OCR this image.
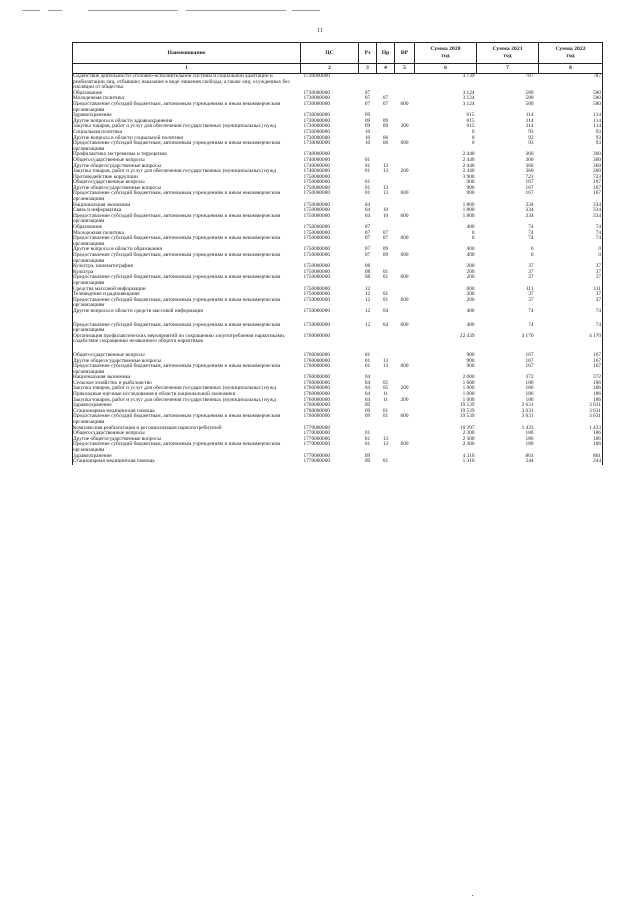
11
Наименование	ЦС	Рз	Пр	ВР	Сумма 2020 год	Сумма 2021 год	Сумма 2022 год
1	2	3	4	5	6	7	8
Содействие деятельности уголовно-исполнительной системы и социальной адаптации и реабилитации лиц, отбывших наказание в виде лишения свободы, а также лиц, осужденных без изоляции от общества	1730000000				3 739	787	787
Образование	1730000000	07			3 124	580	580
Молодежная политика	1730000000	07	07		3 124	580	580
Предоставление субсидий бюджетным, автономным учреждениям и иным некоммерческим организациям	1730000000	07	07	600	3 124	580	580
Здравоохранение	1730000000	09			615	114	114
Другие вопросы в области здравоохранения	1730000000	09	09		615	114	114
Закупка товаров, работ и услуг для обеспечения государственных (муниципальных) нужд	1730000000	09	09	200	615	114	114
Социальная политика	1730000000	10			0	93	93
Другие вопросы в области социальной политики	1730000000	10	06		0	93	93
Предоставление субсидий бюджетным, автономным учреждениям и иным некоммерческим организациям	1730000000	10	06	600	0	93	93
Профилактика экстремизма и терроризма	1740000000				2 440	360	360
Общегосударственные вопросы	1740000000	01			2 440	360	360
Другие общегосударственные вопросы	1740000000	01	13		2 440	360	360
Закупка товаров, работ и услуг для обеспечения государственных (муниципальных) нужд	1740000000	01	13	200	2 440	360	360
Противодействие коррупции	1750000000				3 900	723	723
Общегосударственные вопросы	1750000000	01			900	167	167
Другие общегосударственные вопросы	1750000000	01	13		900	167	167
Предоставление субсидий бюджетным, автономным учреждениям и иным некоммерческим организациям	1750000000	01	13	600	900	167	167
Национальная экономика	1750000000	04			1 800	334	334
Связь и информатика	1750000000	04	10		1 800	334	334
Предоставление субсидий бюджетным, автономным учреждениям и иным некоммерческим организациям	1750000000	04	10	600	1 800	334	334
Образование	1750000000	07			400	74	74
Молодежная политика	1750000000	07	07		0	74	74
Предоставление субсидий бюджетным, автономным учреждениям и иным некоммерческим организациям	1750000000	07	07	600	0	74	74
Другие вопросы в области образования	1750000000	07	09		400	0	0
Предоставление субсидий бюджетным, автономным учреждениям и иным некоммерческим организациям	1750000000	07	09	600	400	0	0
Культура, кинематография	1750000000	08			200	37	37
Культура	1750000000	08	01		200	37	37
Предоставление субсидий бюджетным, автономным учреждениям и иным некоммерческим организациям	1750000000	08	01	600	200	37	37
Средства массовой информации	1750000000	12			600	111	111
Телевидение и радиовещание	1750000000	12	01		200	37	37
Предоставление субсидий бюджетным, автономным учреждениям и иным некоммерческим организациям	1750000000	12	01	600	200	37	37
Другие вопросы в области средств массовой информации	1750000000	12	04		400	74	74

Предоставление субсидий бюджетным, автономным учреждениям и иным некоммерческим организациям	1750000000	12	04	600	400	74	74
Организация профилактических мероприятий по сокращению злоупотребления наркотиками, содействие сокращению незаконного оборота наркотиков	1760000000				22 439	4 170	4 170

Общегосударственные вопросы	1760000000	01			900	167	167
Другие общегосударственные вопросы	1760000000	01	13		900	167	167
Предоставление субсидий бюджетным, автономным учреждениям и иным некоммерческим организациям	1760000000	01	13	600	900	167	167
Национальная экономика	1760000000	04			2 000	372	372
Сельское хозяйство и рыболовство	1760000000	04	05		1 000	186	186
Закупка товаров, работ и услуг для обеспечения государственных (муниципальных) нужд	1760000000	04	05	200	1 000	186	186
Прикладные научные исследования в области национальной экономики	1760000000	04	11		1 000	186	186
Закупка товаров, работ и услуг для обеспечения государственных (муниципальных) нужд	1760000000	04	11	200	1 000	186	186
Здравоохранение	1760000000	09			19 539	3 631	3 631
Стационарная медицинская помощь	1760000000	09	01		19 539	3 631	3 631
Предоставление субсидий бюджетным, автономным учреждениям и иным некоммерческим организациям	1760000000	09	01	600	19 539	3 631	3 631
Комплексная реабилитация и ресоциализация наркопотребителей	1770000000				10 397	1 433	1 433
Общегосударственные вопросы	1770000000	01			2 300	186	186
Другие общегосударственные вопросы	1770000000	01	13		2 300	186	186
Предоставление субсидий бюджетным, автономным учреждениям и иным некоммерческим организациям	1770000000	01	13	600	2 300	186	186
Здравоохранение	1770000000	09			4 310	801	801
Стационарная медицинская помощь	1770000000	09	01		1 310	244	244
•
